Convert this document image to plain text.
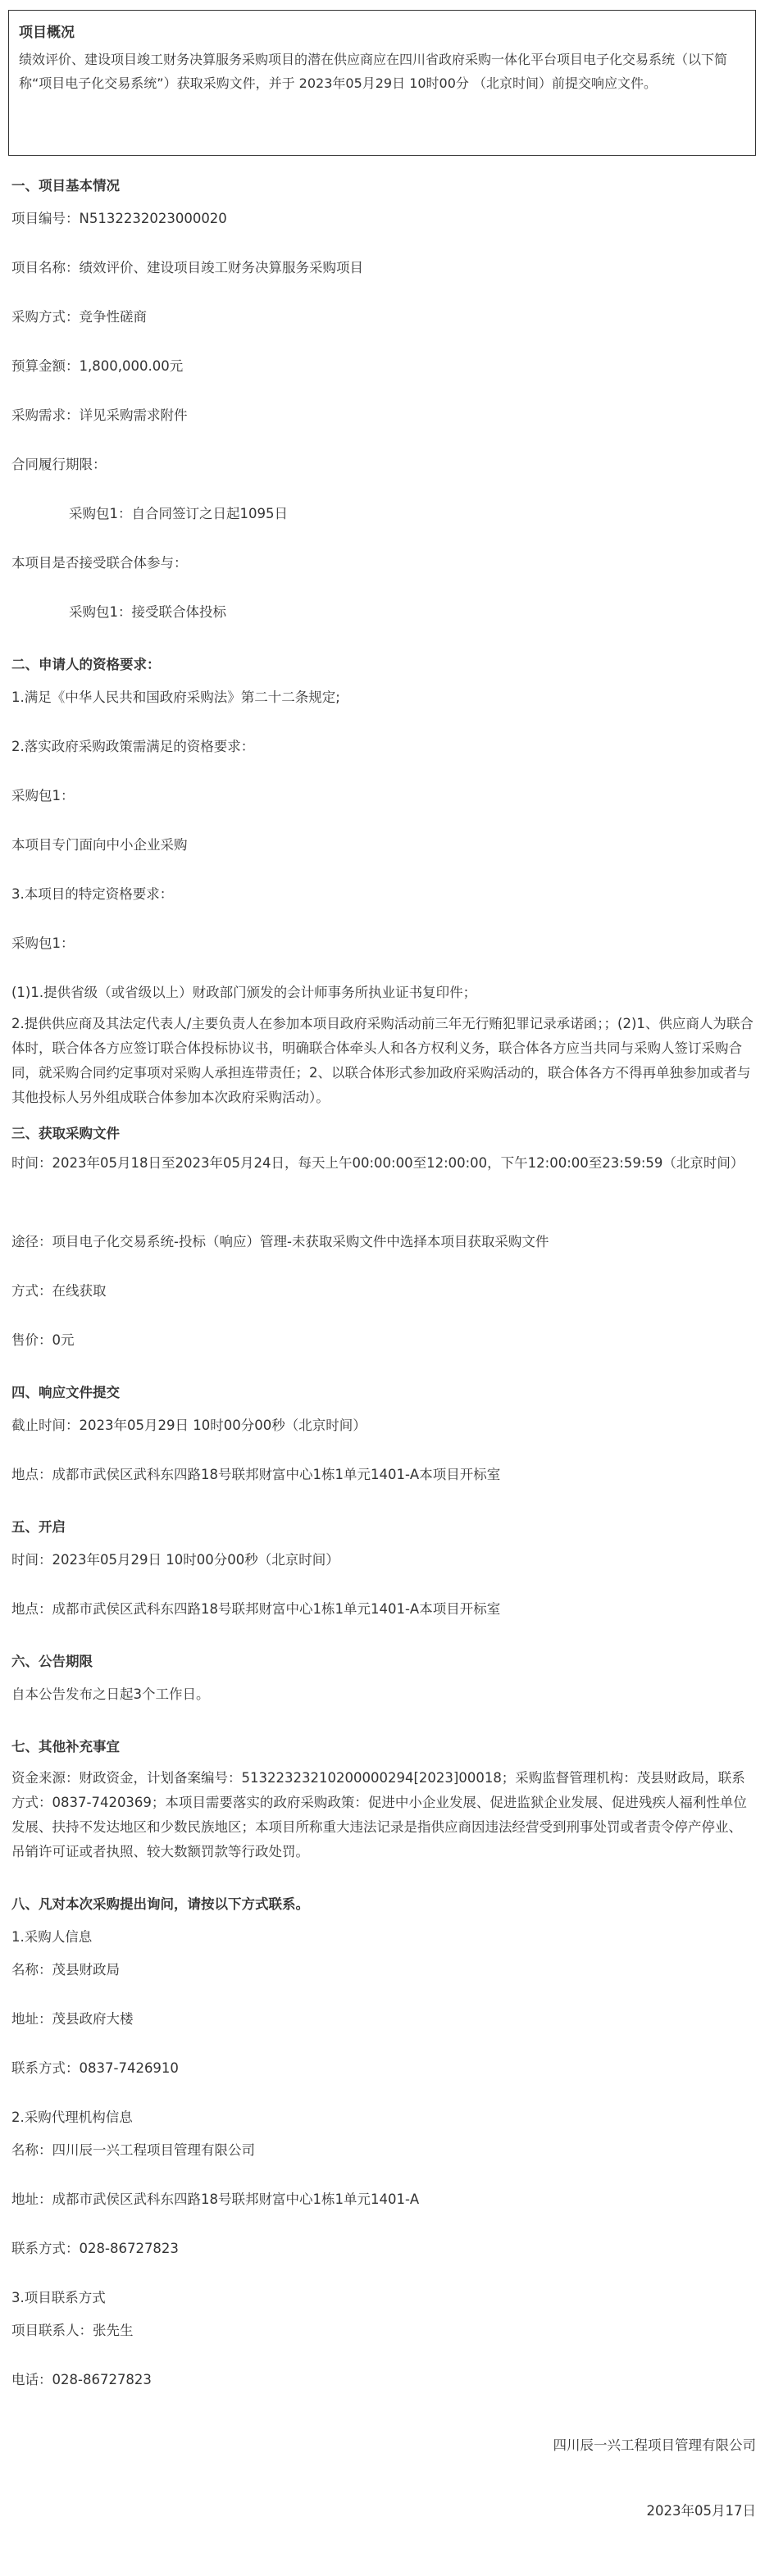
项目概况

绩效评价、建设项目竣工财务决算服务采购项目的潜在供应商应在四川省政府采购一体化平台项目电子化交易系统（以下简称“项目电子化交易系统”）获取采购文件，并于 2023年05月29日 10时00分 （北京时间）前提交响应文件。

一、项目基本情况
项目编号：N5132232023000020
项目名称：绩效评价、建设项目竣工财务决算服务采购项目
采购方式：竞争性磋商
预算金额：1,800,000.00元
采购需求：详见采购需求附件
合同履行期限：
采购包1：自合同签订之日起1095日
本项目是否接受联合体参与：
采购包1：接受联合体投标
二、申请人的资格要求：
1.满足《中华人民共和国政府采购法》第二十二条规定;
2.落实政府采购政策需满足的资格要求：
采购包1：
本项目专门面向中小企业采购
3.本项目的特定资格要求：
采购包1：
(1)1.提供省级（或省级以上）财政部门颁发的会计师事务所执业证书复印件；

2.提供供应商及其法定代表人/主要负责人在参加本项目政府采购活动前三年无行贿犯罪记录承诺函；；(2)1、供应商人为联合体时，联合体各方应签订联合体投标协议书，明确联合体牵头人和各方权利义务，联合体各方应当共同与采购人签订采购合同，就采购合同约定事项对采购人承担连带责任；2、以联合体形式参加政府采购活动的，联合体各方不得再单独参加或者与其他投标人另外组成联合体参加本次政府采购活动）。

三、获取采购文件

时间：2023年05月18日至2023年05月24日，每天上午00:00:00至12:00:00，下午12:00:00至23:59:59（北京时间）

途径：项目电子化交易系统-投标（响应）管理-未获取采购文件中选择本项目获取采购文件
方式：在线获取
售价：0元
四、响应文件提交
截止时间：2023年05月29日 10时00分00秒（北京时间）
地点：成都市武侯区武科东四路18号联邦财富中心1栋1单元1401-A本项目开标室
五、开启
时间：2023年05月29日 10时00分00秒（北京时间）
地点：成都市武侯区武科东四路18号联邦财富中心1栋1单元1401-A本项目开标室
六、公告期限
自本公告发布之日起3个工作日。
七、其他补充事宜

资金来源：财政资金，计划备案编号：51322323210200000294[2023]00018；采购监督管理机构：茂县财政局，联系方式：0837-7420369；本项目需要落实的政府采购政策：促进中小企业发展、促进监狱企业发展、促进残疾人福利性单位发展、扶持不发达地区和少数民族地区；本项目所称重大违法记录是指供应商因违法经营受到刑事处罚或者责令停产停业、吊销许可证或者执照、较大数额罚款等行政处罚。

八、凡对本次采购提出询问，请按以下方式联系。
1.采购人信息
名称：茂县财政局
地址：茂县政府大楼
联系方式：0837-7426910
2.采购代理机构信息
名称：四川辰一兴工程项目管理有限公司
地址：成都市武侯区武科东四路18号联邦财富中心1栋1单元1401-A
联系方式：028-86727823
3.项目联系方式
项目联系人：张先生
电话：028-86727823
四川辰一兴工程项目管理有限公司
2023年05月17日
